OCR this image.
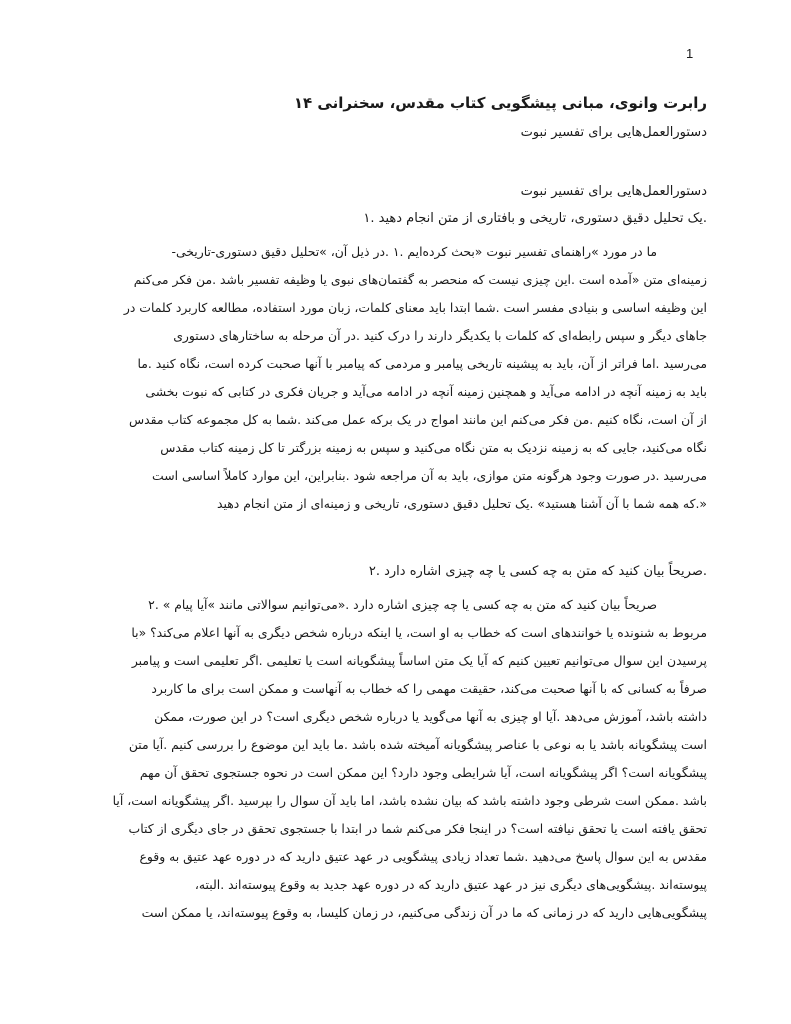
1
رابرت وانوی، مبانی پیشگویی کتاب مقدس، سخنرانی ۱۴
دستورالعمل‌هایی برای تفسیر نبوت
دستورالعمل‌هایی برای تفسیر نبوت
.یک تحلیل دقیق دستوری، تاریخی و بافتاری از متن انجام دهید .۱

ما در مورد »راهنمای تفسیر نبوت «بحث کرده‌ایم .۱ .در ذیل آن، »تحلیل دقیق دستوری-تاریخی-

زمینه‌ای متن «آمده است .این چیزی نیست که منحصر به گفتمان‌های نبوی یا وظیفه تفسیر باشد .من فکر می‌کنم

این وظیفه اساسی و بنیادی مفسر است .شما ابتدا باید معنای کلمات، زبان مورد استفاده، مطالعه کاربرد کلمات در

جاهای دیگر و سپس رابطه‌ای که کلمات با یکدیگر دارند را درک کنید .در آن مرحله به ساختارهای دستوری

می‌رسید .اما فراتر از آن، باید به پیشینه تاریخی پیامبر و مردمی که پیامبر با آنها صحبت کرده است، نگاه کنید .ما

باید به زمینه آنچه در ادامه می‌آید و همچنین زمینه آنچه در ادامه می‌آید و جریان فکری در کتابی که نبوت بخشی

از آن است، نگاه کنیم .من فکر می‌کنم این مانند امواج در یک برکه عمل می‌کند .شما به کل مجموعه کتاب مقدس

نگاه می‌کنید، جایی که به زمینه نزدیک به متن نگاه می‌کنید و سپس به زمینه بزرگتر تا کل زمینه کتاب مقدس

می‌رسید .در صورت وجود هرگونه متن موازی، باید به آن مراجعه شود .بنابراین، این موارد کاملاً اساسی است

«.که همه شما با آن آشنا هستید» .یک تحلیل دقیق دستوری، تاریخی و زمینه‌ای از متن انجام دهید

.صریحاً بیان کنید که متن به چه کسی یا چه چیزی اشاره دارد .۲

صریحاً بیان کنید که متن به چه کسی یا چه چیزی اشاره دارد .«می‌توانیم سوالاتی مانند »آیا پیام » .۲

مربوط به شنونده یا خوانندهای است که خطاب به او است، یا اینکه درباره شخص دیگری به آنها اعلام می‌کند؟ «با

پرسیدن این سوال می‌توانیم تعیین کنیم که آیا یک متن اساساً پیشگویانه است یا تعلیمی .اگر تعلیمی است و پیامبر

صرفاً به کسانی که با آنها صحبت می‌کند، حقیقت مهمی را که خطاب به آنهاست و ممکن است برای ما کاربرد

داشته باشد، آموزش می‌دهد .آیا او چیزی به آنها می‌گوید یا درباره شخص دیگری است؟ در این صورت، ممکن

است پیشگویانه باشد یا به نوعی با عناصر پیشگویانه آمیخته شده باشد .ما باید این موضوع را بررسی کنیم .آیا متن

پیشگویانه است؟ اگر پیشگویانه است، آیا شرایطی وجود دارد؟ این ممکن است در نحوه جستجوی تحقق آن مهم

باشد .ممکن است شرطی وجود داشته باشد که بیان نشده باشد، اما باید آن سوال را بپرسید .اگر پیشگویانه است، آیا

تحقق یافته است یا تحقق نیافته است؟ در اینجا فکر می‌کنم شما در ابتدا با جستجوی تحقق در جای دیگری از کتاب

مقدس به این سوال پاسخ می‌دهید .شما تعداد زیادی پیشگویی در عهد عتیق دارید که در دوره عهد عتیق به وقوع

پیوسته‌اند .پیشگویی‌های دیگری نیز در عهد عتیق دارید که در دوره عهد جدید به وقوع پیوسته‌اند .البته،

پیشگویی‌هایی دارید که در زمانی که ما در آن زندگی می‌کنیم، در زمان کلیسا، به وقوع پیوسته‌اند، یا ممکن است
